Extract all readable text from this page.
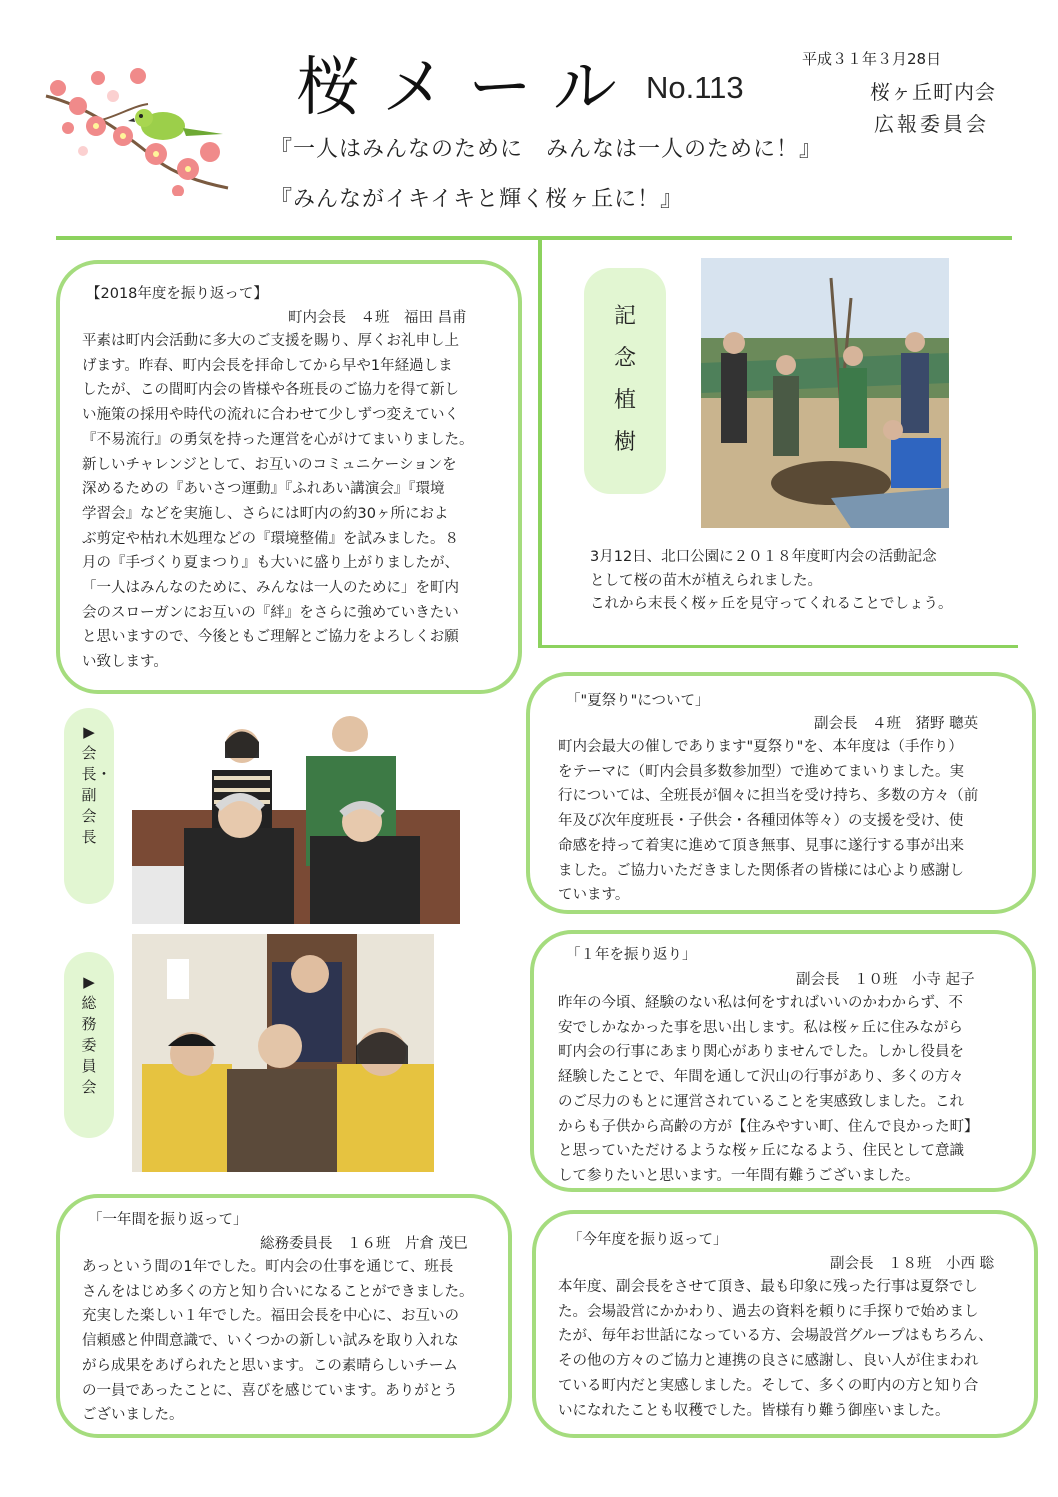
桜メール No.113
平成３１年３月28日
桜ヶ丘町内会
広報委員会
『一人はみんなのために　みんなは一人のために！』
『みんながイキイキと輝く桜ヶ丘に！』
【2018年度を振り返って】
町内会長　４班　福田 昌甫
平素は町内会活動に多大のご支援を賜り、厚くお礼申し上
げます。昨春、町内会長を拝命してから早や1年経過しま
したが、この間町内会の皆様や各班長のご協力を得て新し
い施策の採用や時代の流れに合わせて少しずつ変えていく
『不易流行』の勇気を持った運営を心がけてまいりました。
新しいチャレンジとして、お互いのコミュニケーションを
深めるための『あいさつ運動』『ふれあい講演会』『環境
学習会』などを実施し、さらには町内の約30ヶ所におよ
ぶ剪定や枯れ木処理などの『環境整備』を試みました。８
月の『手づくり夏まつり』も大いに盛り上がりましたが、
「一人はみんなのために、みんなは一人のために」を町内
会のスローガンにお互いの『絆』をさらに強めていきたい
と思いますので、今後ともご理解とご協力をよろしくお願
い致します。
記念植樹
3月12日、北口公園に２０１８年度町内会の活動記念
として桜の苗木が植えられました。
これから末長く桜ヶ丘を見守ってくれることでしょう。
▶会長・副会長
▶総務委員会
「"夏祭り"について」
副会長　４班　猪野 聰英
町内会最大の催しであります"夏祭り"を、本年度は（手作り）
をテーマに（町内会員多数参加型）で進めてまいりました。実
行については、全班長が個々に担当を受け持ち、多数の方々（前
年及び次年度班長・子供会・各種団体等々）の支援を受け、使
命感を持って着実に進めて頂き無事、見事に遂行する事が出来
ました。ご協力いただきました関係者の皆様には心より感謝し
ています。
「１年を振り返り」
副会長　１０班　小寺 起子
昨年の今頃、経験のない私は何をすればいいのかわからず、不
安でしかなかった事を思い出します。私は桜ヶ丘に住みながら
町内会の行事にあまり関心がありませんでした。しかし役員を
経験したことで、年間を通して沢山の行事があり、多くの方々
のご尽力のもとに運営されていることを実感致しました。これ
からも子供から高齢の方が【住みやすい町、住んで良かった町】
と思っていただけるような桜ヶ丘になるよう、住民として意識
して参りたいと思います。一年間有難うございました。
「一年間を振り返って」
総務委員長　１６班　片倉 茂巳
あっという間の1年でした。町内会の仕事を通じて、班長
さんをはじめ多くの方と知り合いになることができました。
充実した楽しい１年でした。福田会長を中心に、お互いの
信頼感と仲間意識で、いくつかの新しい試みを取り入れな
がら成果をあげられたと思います。この素晴らしいチーム
の一員であったことに、喜びを感じています。ありがとう
ございました。
「今年度を振り返って」
副会長　１８班　小西 聡
本年度、副会長をさせて頂き、最も印象に残った行事は夏祭でし
た。会場設営にかかわり、過去の資料を頼りに手探りで始めまし
たが、毎年お世話になっている方、会場設営グループはもちろん、
その他の方々のご協力と連携の良さに感謝し、良い人が住まわれ
ている町内だと実感しました。そして、多くの町内の方と知り合
いになれたことも収穫でした。皆様有り難う御座いました。
